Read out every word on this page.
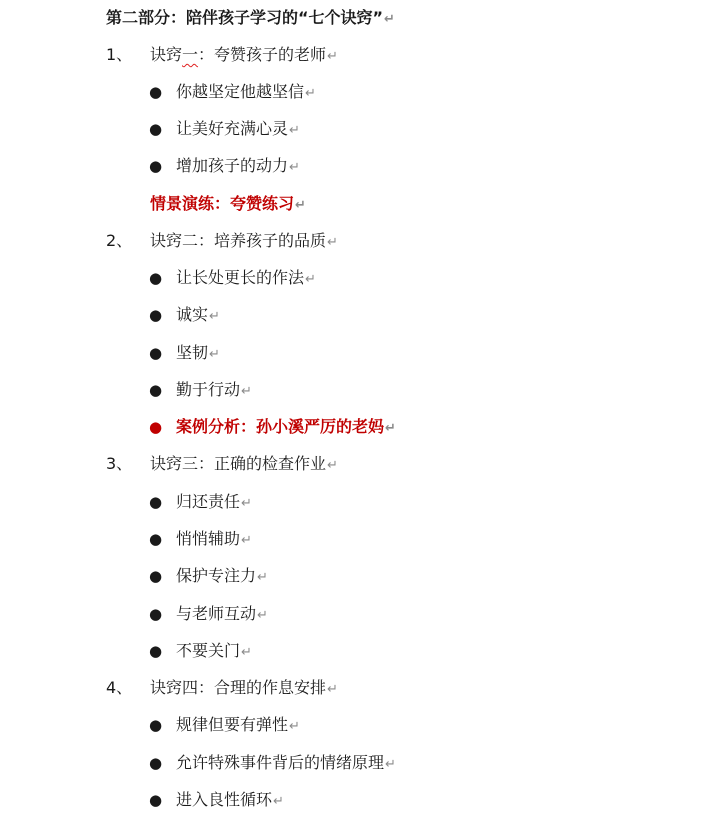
第二部分：陪伴孩子学习的“七个诀窍”↵
1、	诀窍一：夸赞孩子的老师↵
● 你越坚定他越坚信↵
● 让美好充满心灵↵
● 增加孩子的动力↵
情景演练：夸赞练习↵
2、	诀窍二：培养孩子的品质↵
● 让长处更长的作法↵
● 诚实↵
● 坚韧↵
● 勤于行动↵
● 案例分析：孙小溪严厉的老妈↵
3、	诀窍三：正确的检查作业↵
● 归还责任↵
● 悄悄辅助↵
● 保护专注力↵
● 与老师互动↵
● 不要关门↵
4、	诀窍四：合理的作息安排↵
● 规律但要有弹性↵
● 允许特殊事件背后的情绪原理↵
● 进入良性循环↵
